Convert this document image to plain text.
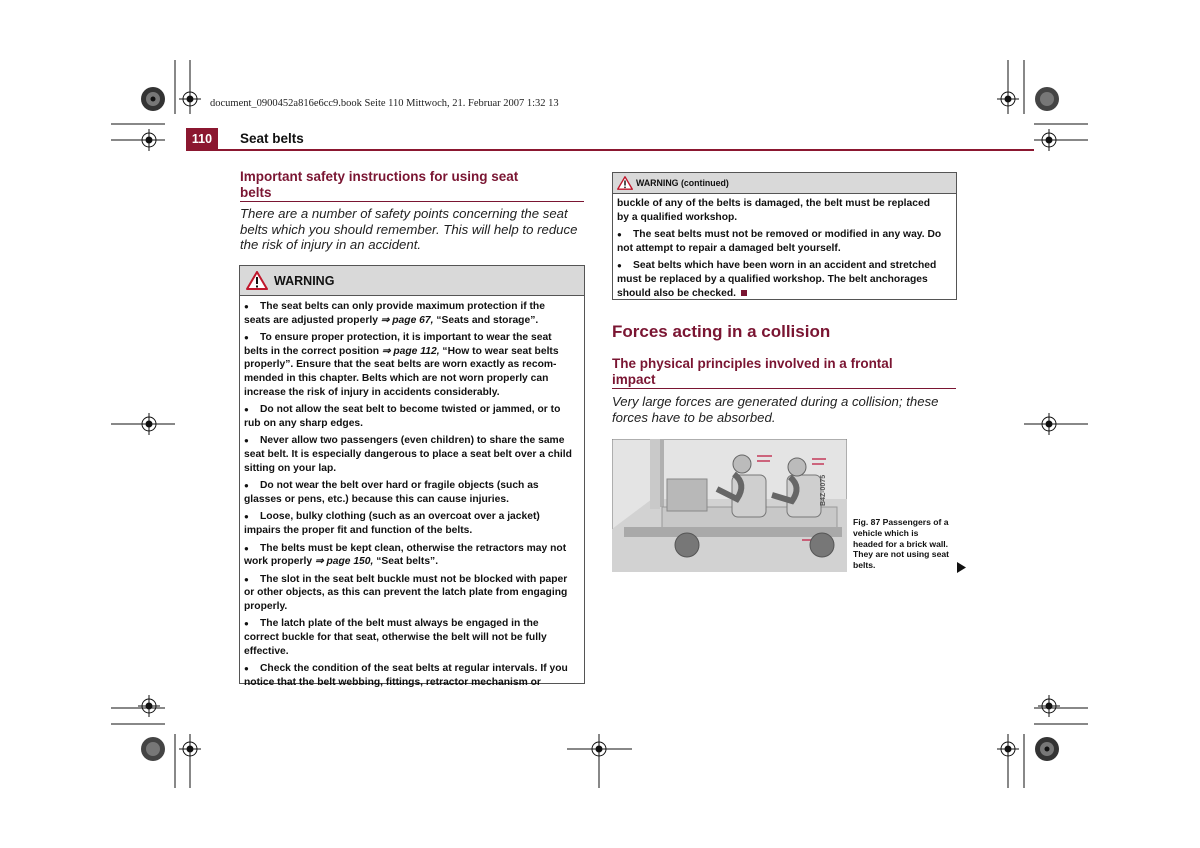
document_0900452a816e6cc9.book Seite 110 Mittwoch, 21. Februar 2007 1:32 13
110	Seat belts
Important safety instructions for using seat
belts
There are a number of safety points concerning the seat
belts which you should remember. This will help to reduce
the risk of injury in an accident.
WARNING

● The seat belts can only provide maximum protection if the
seats are adjusted properly ⇒ page 67, “Seats and storage”.

● To ensure proper protection, it is important to wear the seat
belts in the correct position ⇒ page 112, “How to wear seat belts
properly”. Ensure that the seat belts are worn exactly as recom-
mended in this chapter. Belts which are not worn properly can
increase the risk of injury in accidents considerably.

● Do not allow the seat belt to become twisted or jammed, or to
rub on any sharp edges.

● Never allow two passengers (even children) to share the same
seat belt. It is especially dangerous to place a seat belt over a child
sitting on your lap.

● Do not wear the belt over hard or fragile objects (such as
glasses or pens, etc.) because this can cause injuries.

● Loose, bulky clothing (such as an overcoat over a jacket)
impairs the proper fit and function of the belts.

● The belts must be kept clean, otherwise the retractors may not
work properly ⇒ page 150, “Seat belts”.

● The slot in the seat belt buckle must not be blocked with paper
or other objects, as this can prevent the latch plate from engaging
properly.

● The latch plate of the belt must always be engaged in the
correct buckle for that seat, otherwise the belt will not be fully
effective.

● Check the condition of the seat belts at regular intervals. If you
notice that the belt webbing, fittings, retractor mechanism or

WARNING (continued)

buckle of any of the belts is damaged, the belt must be replaced
by a qualified workshop.

● The seat belts must not be removed or modified in any way. Do
not attempt to repair a damaged belt yourself.

● Seat belts which have been worn in an accident and stretched
must be replaced by a qualified workshop. The belt anchorages
should also be checked.

Forces acting in a collision
The physical principles involved in a frontal
impact
Very large forces are generated during a collision; these
forces have to be absorbed.
B4Z-0075
Fig. 87 Passengers of a
vehicle which is
headed for a brick wall.
They are not using seat
belts.
